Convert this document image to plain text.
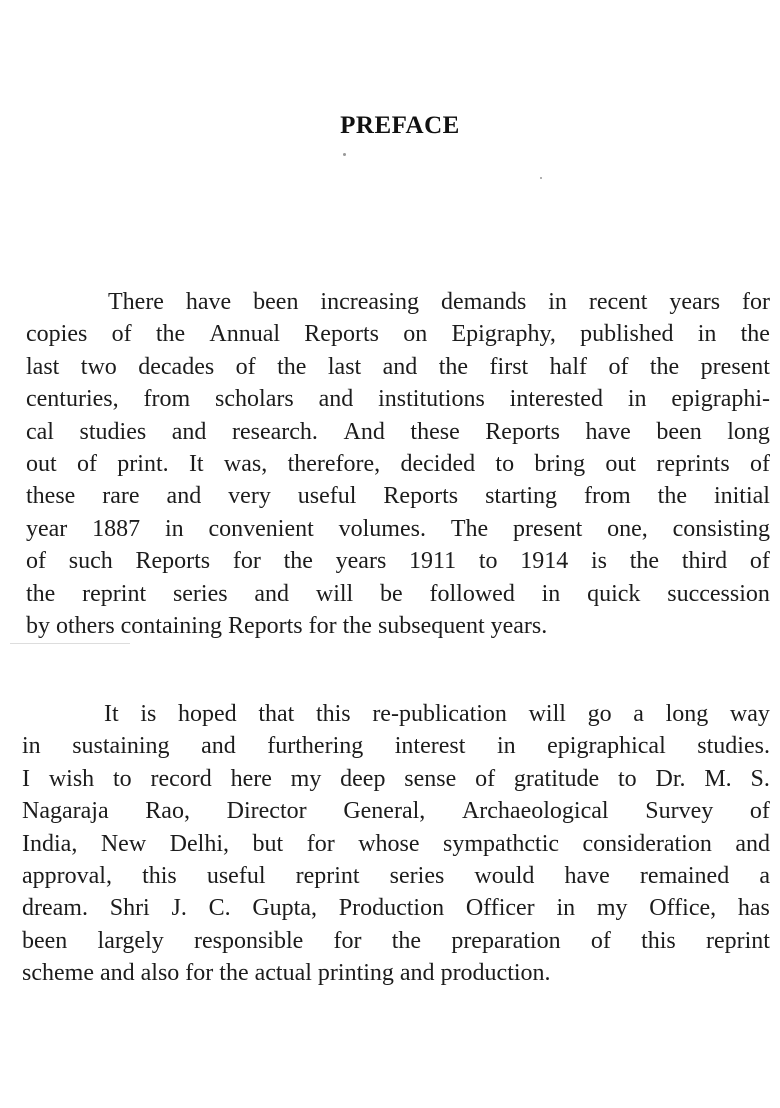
PREFACE
There have been increasing demands in recent years for
copies of the Annual Reports on Epigraphy, published in the
last two decades of the last and the first half of the present
centuries, from scholars and institutions interested in epigraphi-
cal studies and research. And these Reports have been long
out of print. It was, therefore, decided to bring out reprints of
these rare and very useful Reports starting from the initial
year 1887 in convenient volumes. The present one, consisting
of such Reports for the years 1911 to 1914 is the third of
the reprint series and will be followed in quick succession
by others containing Reports for the subsequent years.
It is hoped that this re-publication will go a long way
in sustaining and furthering interest in epigraphical studies.
I wish to record here my deep sense of gratitude to Dr. M. S.
Nagaraja Rao, Director General, Archaeological Survey of
India, New Delhi, but for whose sympathctic consideration and
approval, this useful reprint series would have remained a
dream. Shri J. C. Gupta, Production Officer in my Office, has
been largely responsible for the preparation of this reprint
scheme and also for the actual printing and production.
